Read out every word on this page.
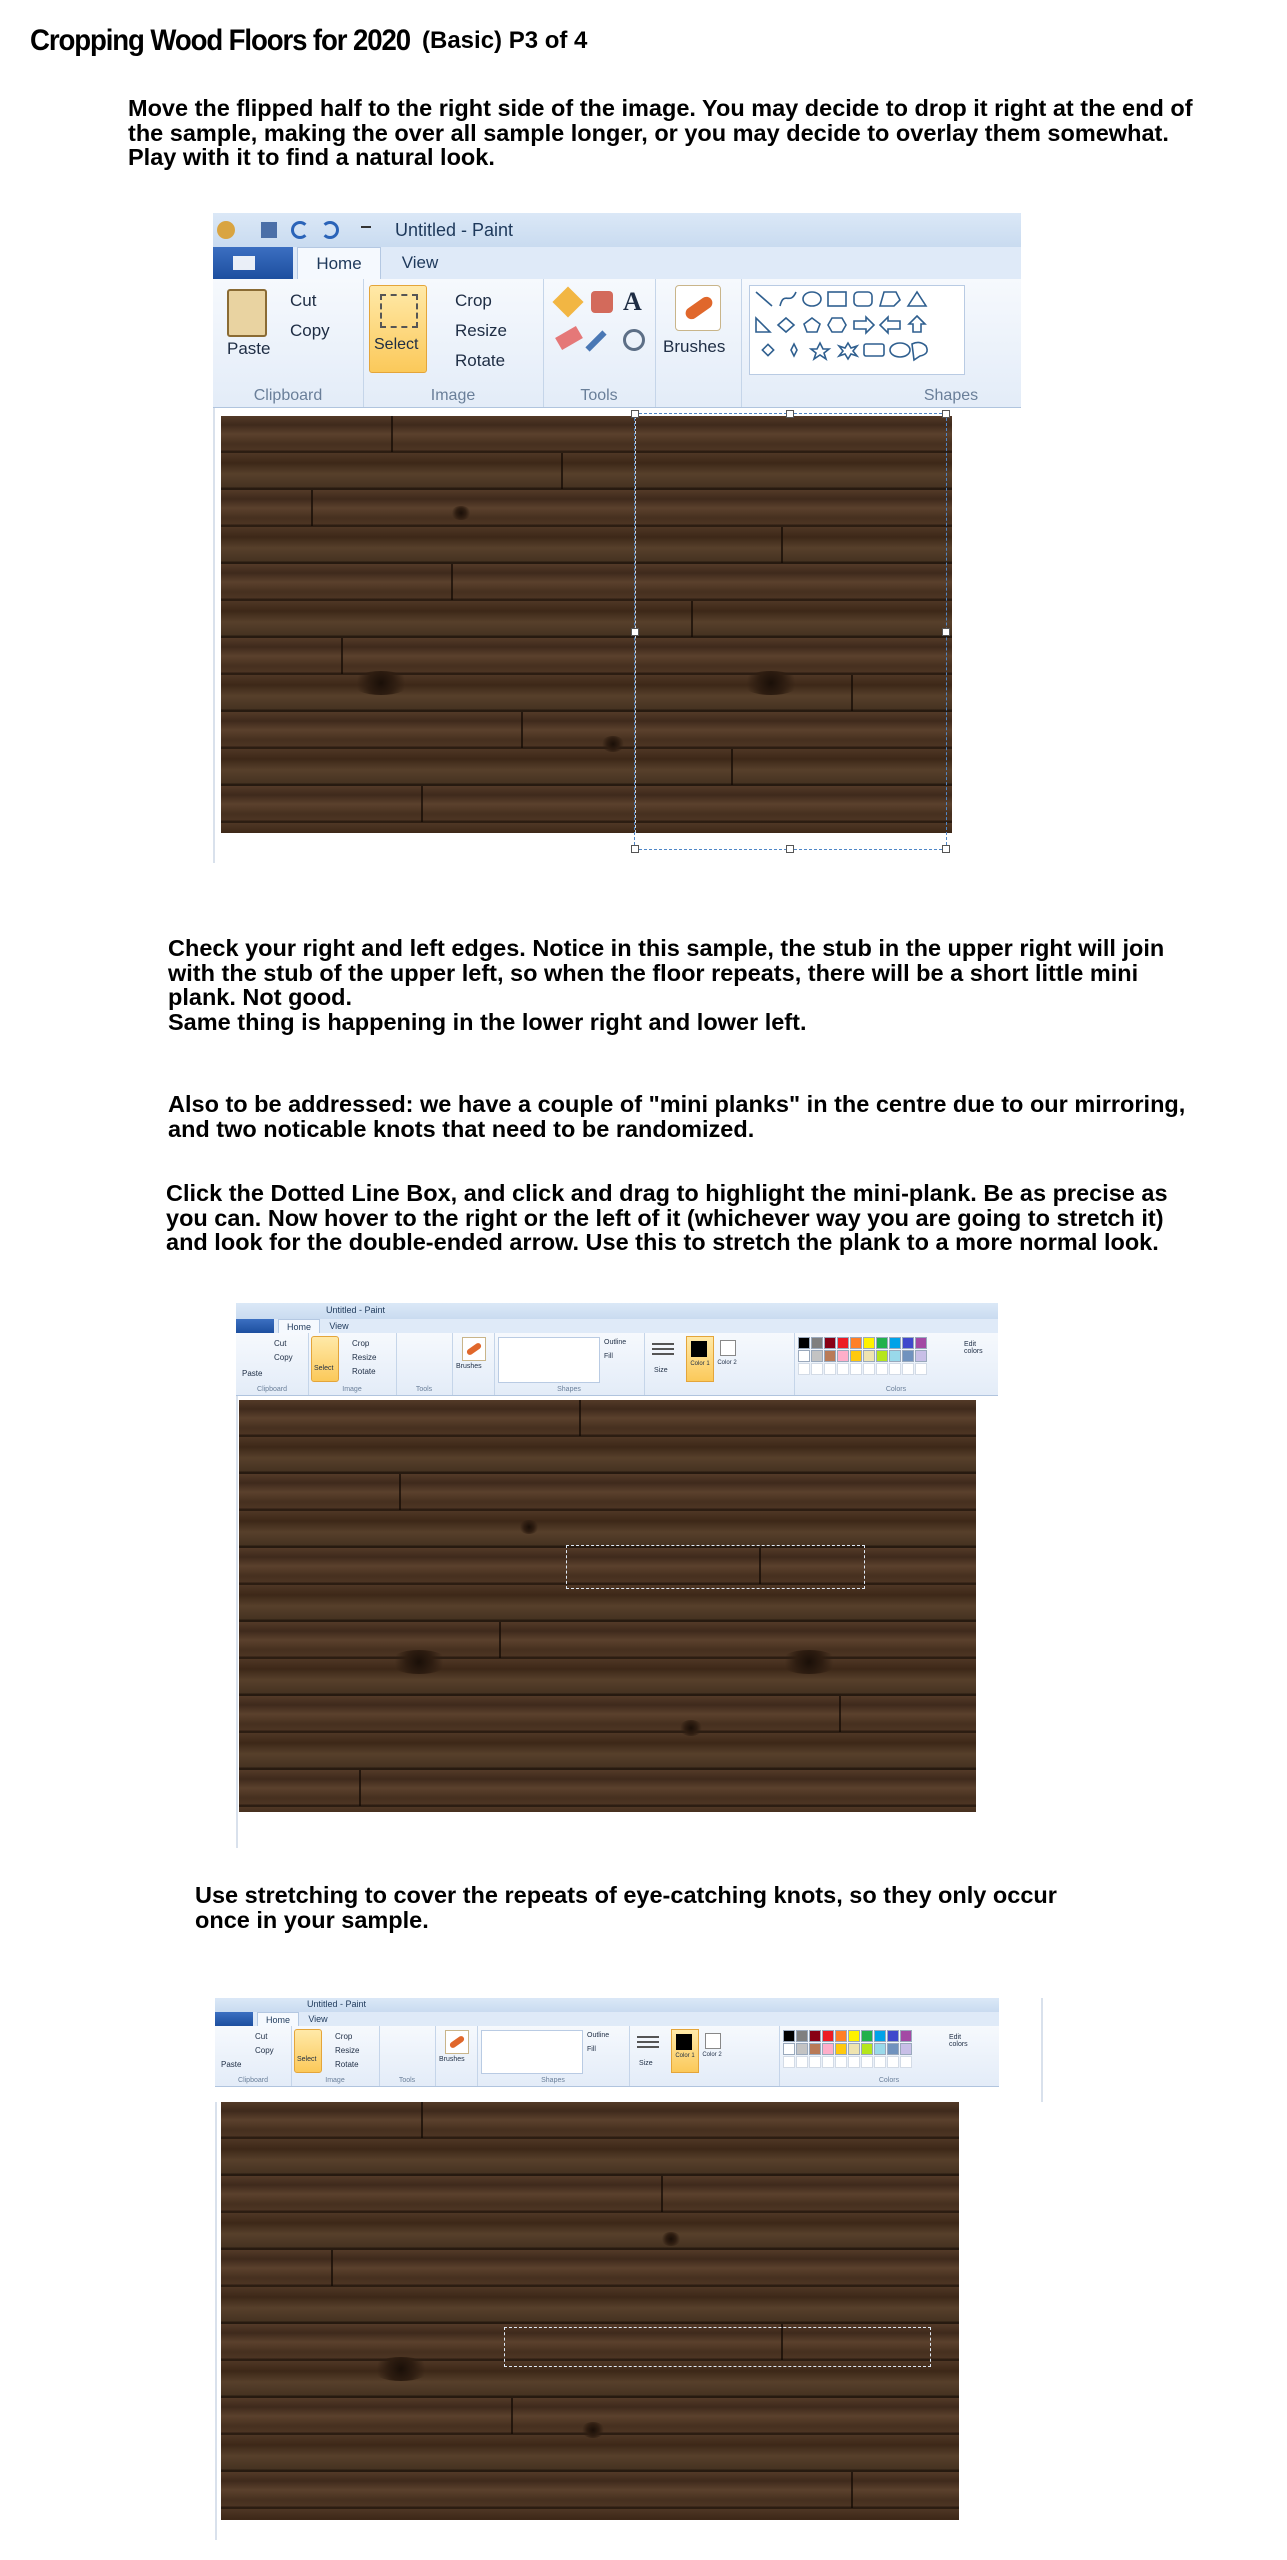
Cropping Wood Floors for 2020 (Basic) P3 of 4
Move the flipped half to the right side of the image. You may decide to drop it right at the end of
the sample, making the over all sample longer, or you may decide to overlay them somewhat.
Play with it to find a natural look.
Untitled - Paint
Home	View
Paste
Cut
Copy
Clipboard
Select
Crop
Resize
Rotate
Image
A
Tools
Brushes
Shapes
Check your right and left edges. Notice in this sample, the stub in the upper right will join
with the stub of the upper left, so when the floor repeats, there will be a short little mini
plank. Not good.
Same thing is happening in the lower right and lower left.
Also to be addressed: we have a couple of "mini planks" in the centre due to our mirroring,
and two noticable knots that need to be randomized.
Click the Dotted Line Box, and click and drag to highlight the mini-plank. Be as precise as
you can. Now hover to the right or the left of it (whichever way you are going to stretch it)
and look for the double-ended arrow. Use this to stretch the plank to a more normal look.
Untitled - Paint
Home	View
Paste
Cut
Copy
Clipboard
Select
Crop
Resize
Rotate
Image	Tools
Brushes
Outline
Fill
Shapes
Size
Color 1 Color 2
Edit colors
Colors
Use stretching to cover the repeats of eye-catching knots, so they only occur
once in your sample.
Untitled - Paint
Home	View
Paste
Cut
Copy
Clipboard
Select
Crop
Resize
Rotate
Image	Tools
Brushes
Outline
Fill
Shapes
Size
Color 1 Color 2
Edit colors
Colors
